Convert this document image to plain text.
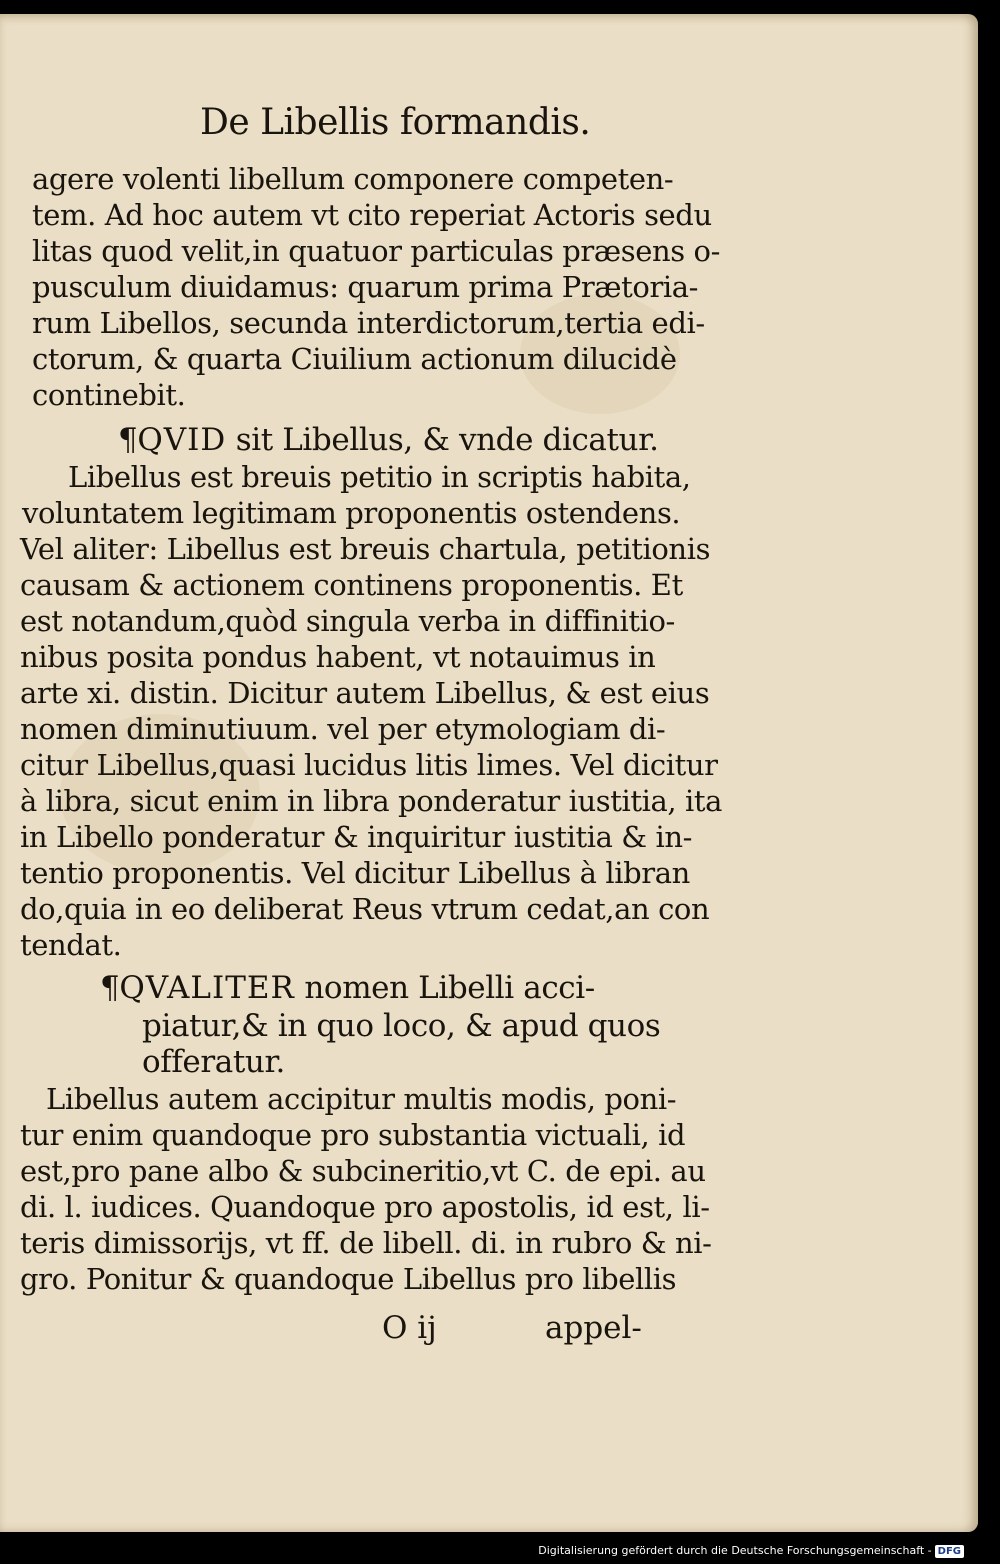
De Libellis formandis.
agere volenti libellum componere competen-
tem. Ad hoc autem vt cito reperiat Actoris sedu
litas quod velit,in quatuor particulas præsens o-
pusculum diuidamus: quarum prima Prætoria-
rum Libellos, secunda interdictorum,tertia edi-
ctorum, & quarta Ciuilium actionum dilucidè
continebit.
¶QVID sit Libellus, & vnde dicatur.
Libellus est breuis petitio in scriptis habita,
voluntatem legitimam proponentis ostendens.
Vel aliter: Libellus est breuis chartula, petitionis
causam & actionem continens proponentis. Et
est notandum,quòd singula verba in diffinitio-
nibus posita pondus habent, vt notauimus in
arte xi. distin. Dicitur autem Libellus, & est eius
nomen diminutiuum. vel per etymologiam di-
citur Libellus,quasi lucidus litis limes. Vel dicitur
à libra, sicut enim in libra ponderatur iustitia, ita
in Libello ponderatur & inquiritur iustitia & in-
tentio proponentis. Vel dicitur Libellus à libran
do,quia in eo deliberat Reus vtrum cedat,an con
tendat.
¶QVALITER nomen Libelli acci-
piatur,& in quo loco, & apud quos
offeratur.
Libellus autem accipitur multis modis, poni-
tur enim quandoque pro substantia victuali, id
est,pro pane albo & subcineritio,vt C. de epi. au
di. l. iudices. Quandoque pro apostolis, id est, li-
teris dimissorijs, vt ff. de libell. di. in rubro & ni-
gro. Ponitur & quandoque Libellus pro libellis
O ij	appel-
Digitalisierung gefördert durch die Deutsche Forschungsgemeinschaft - DFG
